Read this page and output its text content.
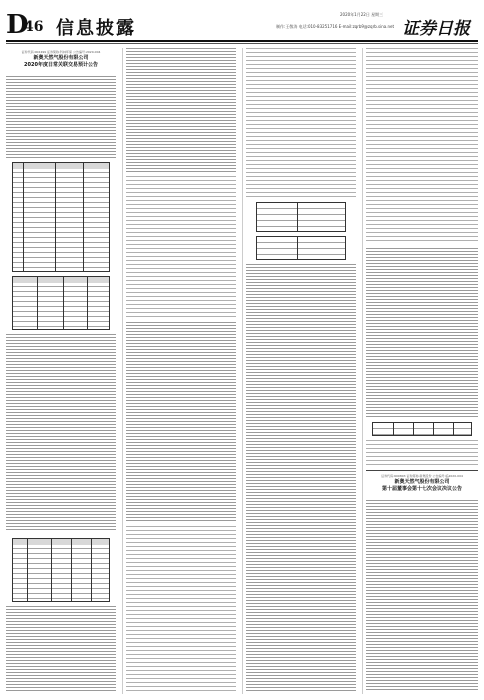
D
46 信息披露
2020年1月22日 星期三
制作:王敬涛 电话:010-83251716 E-mail:zqrb9@zqrb.sina.net 证券日报
证券代码:002499 证券简称:科林环保 公告编号:2020-004
新奥天然气股份有限公司
2020年度日常关联交易预计公告
证券代码:600803 证券简称:新奥股份 公告编号:临2020-004
新奥天然气股份有限公司
第十届董事会第十七次会议决议公告
